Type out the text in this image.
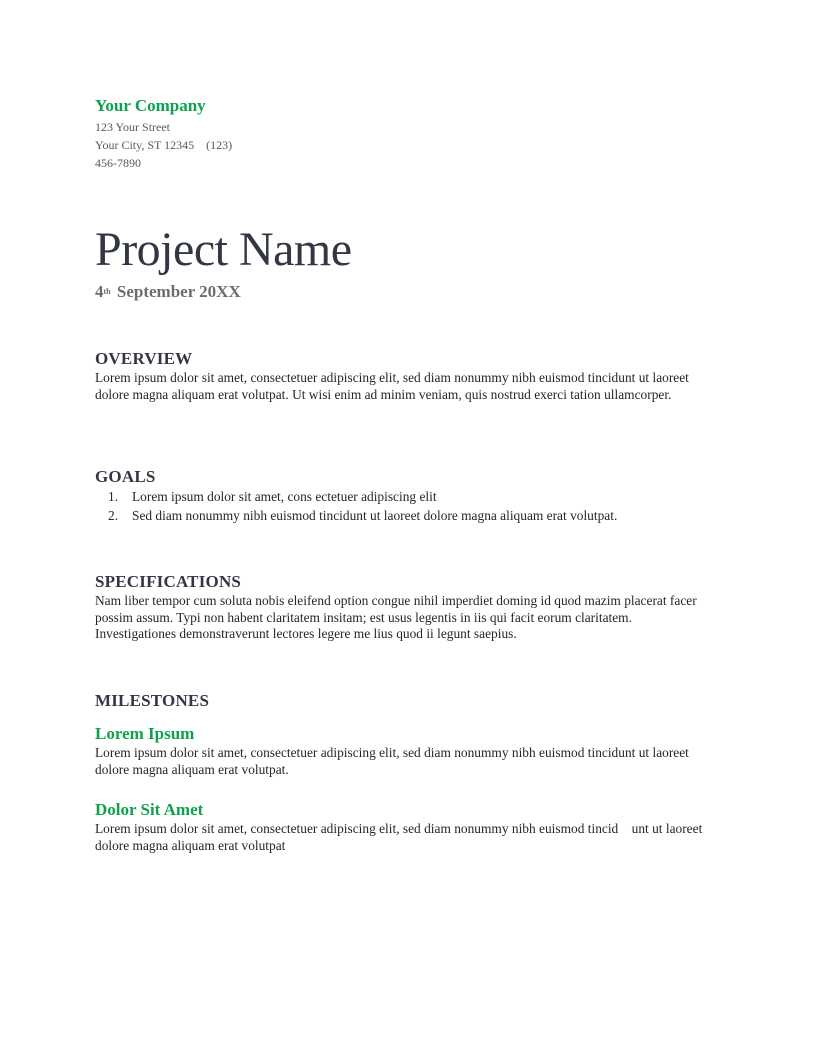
Your Company
123 Your Street
Your City, ST 12345    (123)
456-7890
Project Name
4th September 20XX
OVERVIEW

Lorem ipsum dolor sit amet, consectetuer adipiscing elit, sed diam nonummy nibh euismod tincidunt ut laoreet dolore magna aliquam erat volutpat. Ut wisi enim ad minim veniam, quis nostrud exerci tation ullamcorper.

GOALS
1.	Lorem ipsum dolor sit amet, cons ectetuer adipiscing elit
2.	Sed diam nonummy nibh euismod tincidunt ut laoreet dolore magna aliquam erat volutpat.
SPECIFICATIONS

Nam liber tempor cum soluta nobis eleifend option congue nihil imperdiet doming id quod mazim placerat facer possim assum. Typi non habent claritatem insitam; est usus legentis in iis qui facit eorum claritatem. Investigationes demonstraverunt lectores legere me lius quod ii legunt saepius.

MILESTONES
Lorem Ipsum

Lorem ipsum dolor sit amet, consectetuer adipiscing elit, sed diam nonummy nibh euismod tincidunt ut laoreet dolore magna aliquam erat volutpat.

Dolor Sit Amet

Lorem ipsum dolor sit amet, consectetuer adipiscing elit, sed diam nonummy nibh euismod tincid    unt ut laoreet dolore magna aliquam erat volutpat
